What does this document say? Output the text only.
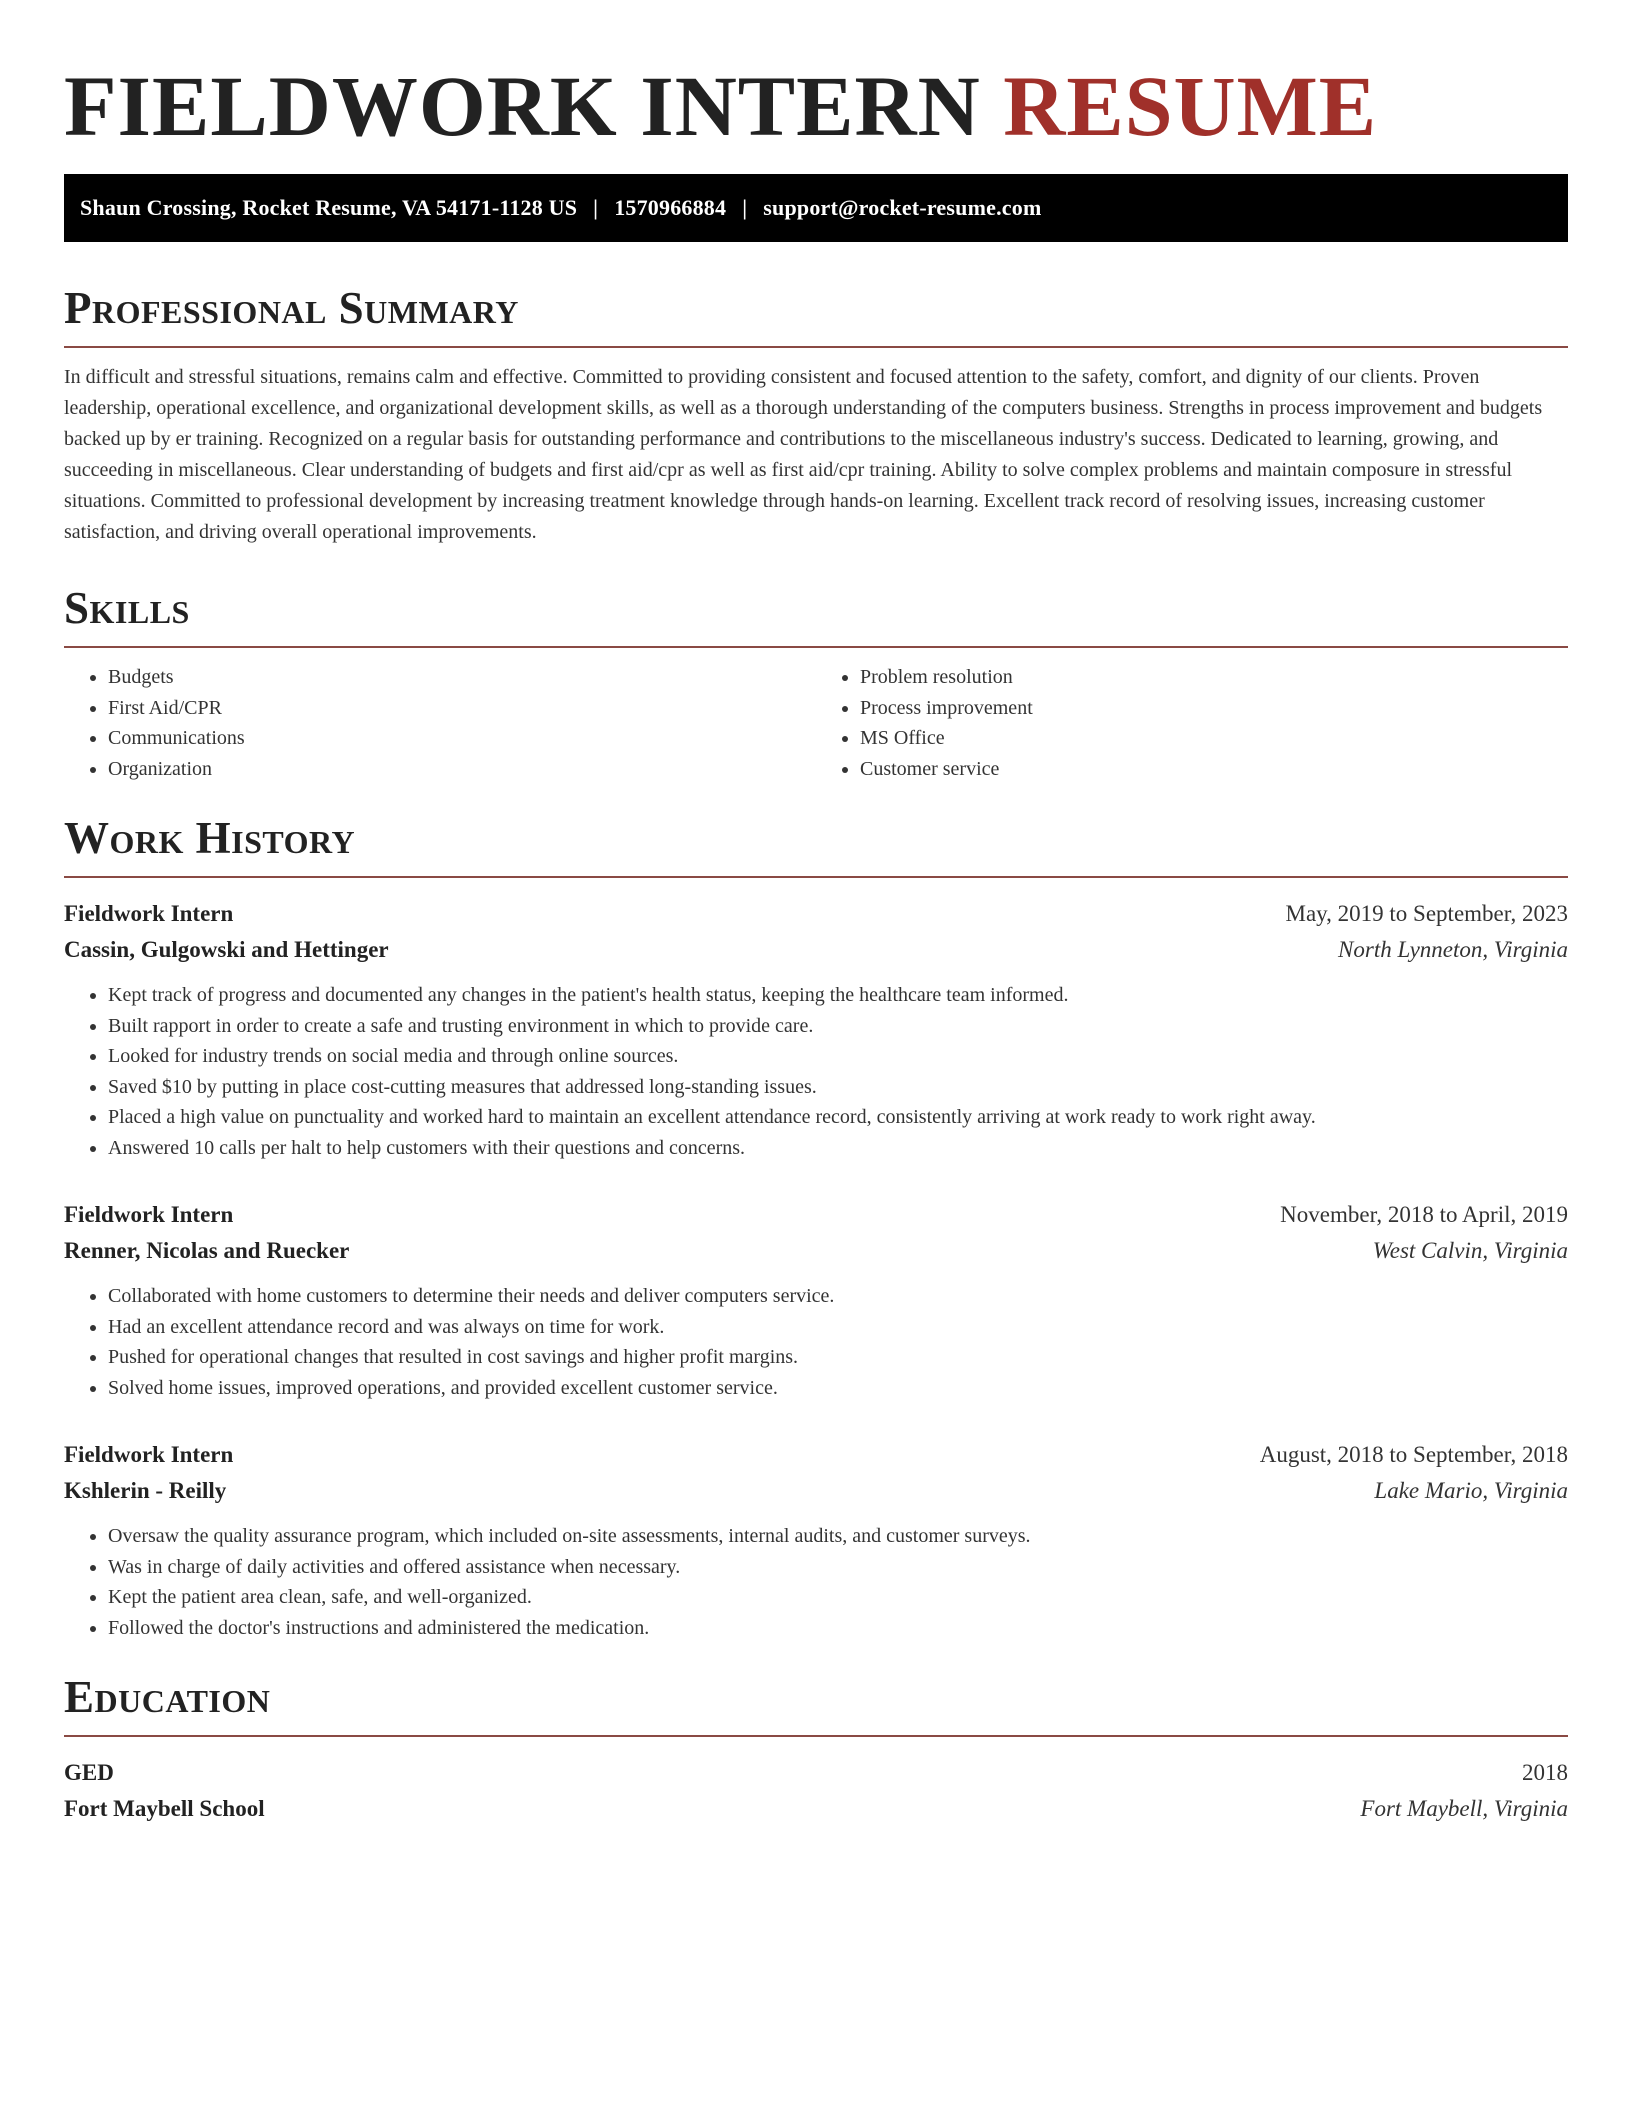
FIELDWORK INTERN RESUME
Shaun Crossing, Rocket Resume, VA 54171-1128 US | 1570966884 | support@rocket-resume.com
Professional Summary

In difficult and stressful situations, remains calm and effective. Committed to providing consistent and focused attention to the safety, comfort, and dignity of our clients. Proven leadership, operational excellence, and organizational development skills, as well as a thorough understanding of the computers business. Strengths in process improvement and budgets backed up by er training. Recognized on a regular basis for outstanding performance and contributions to the miscellaneous industry's success. Dedicated to learning, growing, and succeeding in miscellaneous. Clear understanding of budgets and first aid/cpr as well as first aid/cpr training. Ability to solve complex problems and maintain composure in stressful situations. Committed to professional development by increasing treatment knowledge through hands-on learning. Excellent track record of resolving issues, increasing customer satisfaction, and driving overall operational improvements.

Skills
• Budgets
• First Aid/CPR
• Communications
• Organization
• Problem resolution
• Process improvement
• MS Office
• Customer service
Work History
Fieldwork Intern	May, 2019 to September, 2023
Cassin, Gulgowski and Hettinger	North Lynneton, Virginia
• Kept track of progress and documented any changes in the patient's health status, keeping the healthcare team informed.
• Built rapport in order to create a safe and trusting environment in which to provide care.
• Looked for industry trends on social media and through online sources.
• Saved $10 by putting in place cost-cutting measures that addressed long-standing issues.
• Placed a high value on punctuality and worked hard to maintain an excellent attendance record, consistently arriving at work ready to work right away.
• Answered 10 calls per halt to help customers with their questions and concerns.
Fieldwork Intern	November, 2018 to April, 2019
Renner, Nicolas and Ruecker	West Calvin, Virginia
• Collaborated with home customers to determine their needs and deliver computers service.
• Had an excellent attendance record and was always on time for work.
• Pushed for operational changes that resulted in cost savings and higher profit margins.
• Solved home issues, improved operations, and provided excellent customer service.
Fieldwork Intern	August, 2018 to September, 2018
Kshlerin - Reilly	Lake Mario, Virginia
• Oversaw the quality assurance program, which included on-site assessments, internal audits, and customer surveys.
• Was in charge of daily activities and offered assistance when necessary.
• Kept the patient area clean, safe, and well-organized.
• Followed the doctor's instructions and administered the medication.
Education
GED	2018
Fort Maybell School	Fort Maybell, Virginia
